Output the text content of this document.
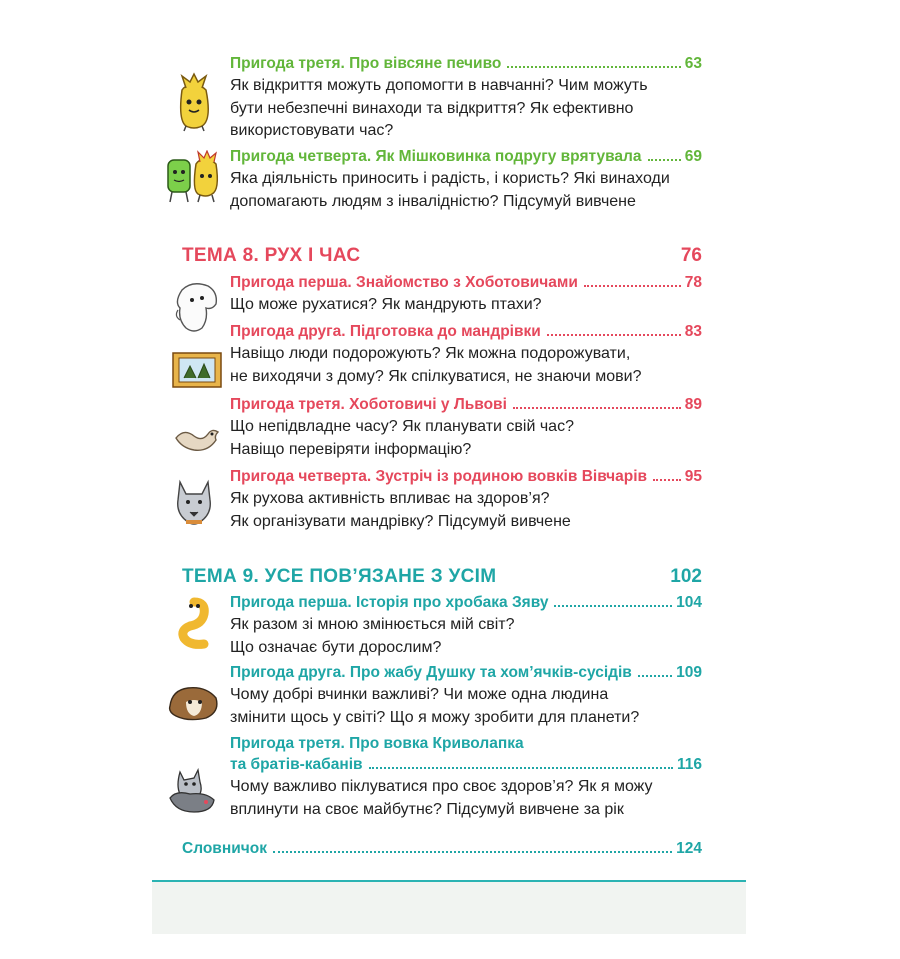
Пригода третя. Про вівсяне печиво	63
Як відкриття можуть допомогти в навчанні? Чим можуть
бути небезпечні винаходи та відкриття? Як ефективно
використовувати час?
Пригода четверта. Як Мішковинка подругу врятувала	69
Яка діяльність приносить і радість, і користь? Які винаходи
допомагають людям з інвалідністю? Підсумуй вивчене
ТЕМА 8. РУХ І ЧАС	76
Пригода перша. Знайомство з Хоботовичами	78
Що може рухатися? Як мандрують птахи?
Пригода друга. Підготовка до мандрівки	83
Навіщо люди подорожують? Як можна подорожувати,
не виходячи з дому? Як спілкуватися, не знаючи мови?
Пригода третя. Хоботовичі у Львові	89
Що непідвладне часу? Як планувати свій час?
Навіщо перевіряти інформацію?
Пригода четверта. Зустріч із родиною вовків Вівчарів 95
Як рухова активність впливає на здоров’я?
Як організувати мандрівку? Підсумуй вивчене
ТЕМА 9. УСЕ ПОВ’ЯЗАНЕ З УСІМ	102
Пригода перша. Історія про хробака Зяву	104
Як разом зі мною змінюється мій світ?
Що означає бути дорослим?
Пригода друга. Про жабу Душку та хом’ячків-сусідів	109
Чому добрі вчинки важливі? Чи може одна людина
змінити щось у світі? Що я можу зробити для планети?
Пригода третя. Про вовка Криволапка
та братів-кабанів	116
Чому важливо піклуватися про своє здоров’я? Як я можу
вплинути на своє майбутнє? Підсумуй вивчене за рік
Словничок	124
